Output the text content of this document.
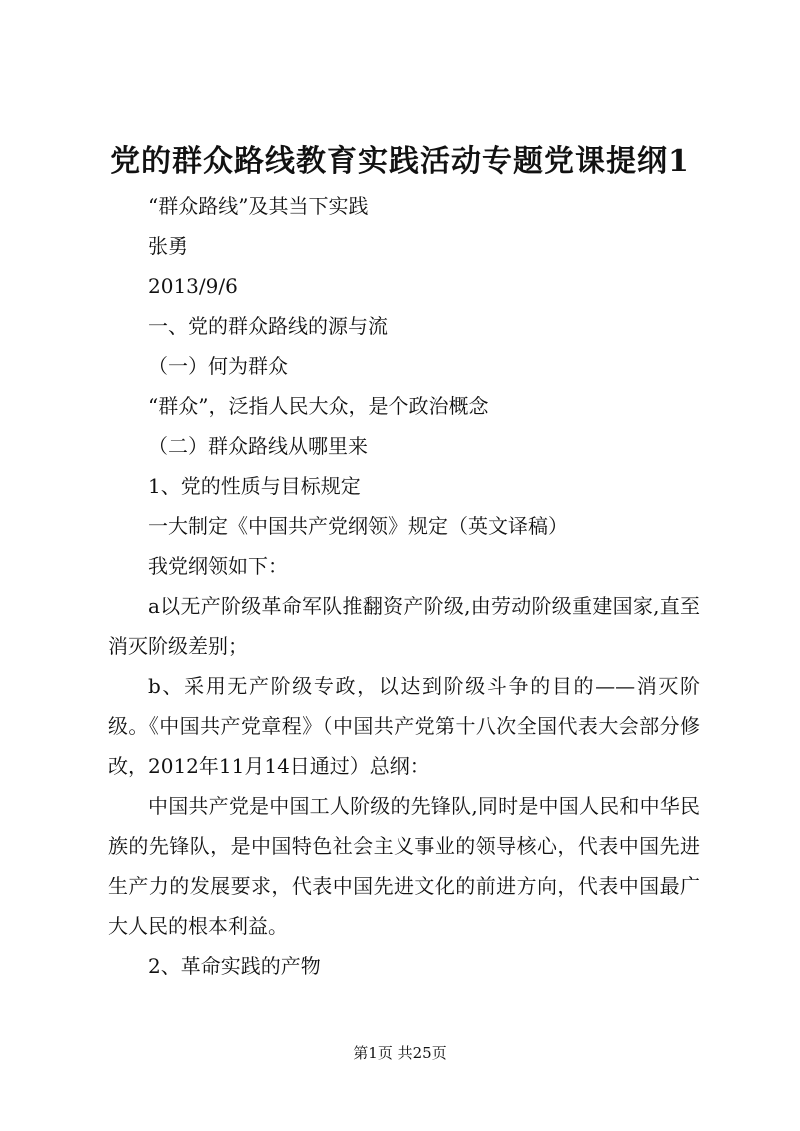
党的群众路线教育实践活动专题党课提纲1

“群众路线”及其当下实践

张勇

2013/9/6

一、党的群众路线的源与流

（一）何为群众

“群众”，泛指人民大众，是个政治概念

（二）群众路线从哪里来

1、党的性质与目标规定

一大制定《中国共产党纲领》规定（英文译稿）

我党纲领如下：

a以无产阶级革命军队推翻资产阶级,由劳动阶级重建国家,直至消灭阶级差别；

b、采用无产阶级专政，以达到阶级斗争的目的——消灭阶级。《中国共产党章程》（中国共产党第十八次全国代表大会部分修改，2012年11月14日通过）总纲：

中国共产党是中国工人阶级的先锋队,同时是中国人民和中华民族的先锋队，是中国特色社会主义事业的领导核心，代表中国先进生产力的发展要求，代表中国先进文化的前进方向，代表中国最广大人民的根本利益。

2、革命实践的产物

第1页 共25页
